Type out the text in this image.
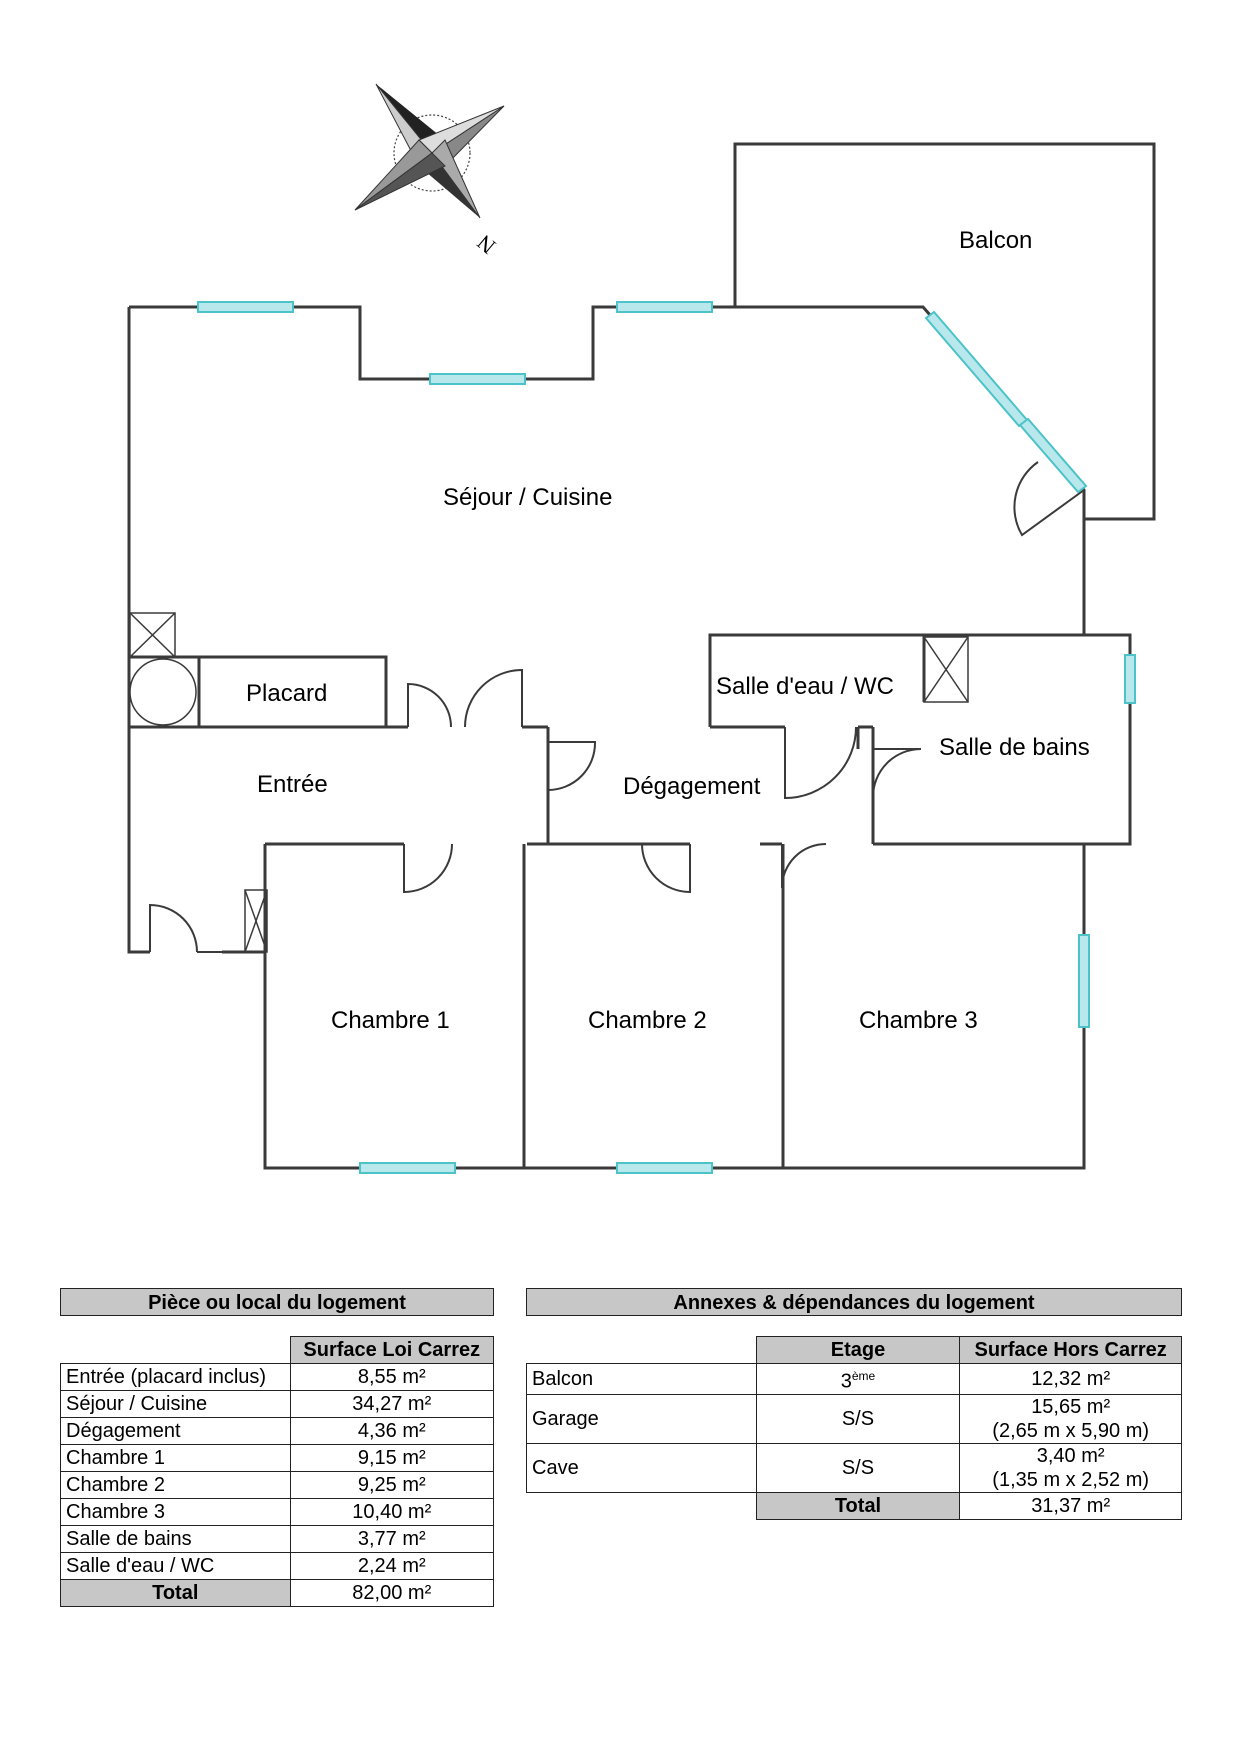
N	Balcon
Séjour / Cuisine
Placard	Salle d'eau / WC
Salle de bains
Entrée	Dégagement
Chambre 1	Chambre 2	Chambre 3
Pièce ou local du logement
	Surface Loi Carrez
Entrée (placard inclus)	8,55 m²
Séjour / Cuisine	34,27 m²
Dégagement	4,36 m²
Chambre 1	9,15 m²
Chambre 2	9,25 m²
Chambre 3	10,40 m²
Salle de bains	3,77 m²
Salle d'eau / WC	2,24 m²
Total	82,00 m²
Annexes & dépendances du logement
	Etage	Surface Hors Carrez
Balcon	3ème	12,32 m²
Garage	S/S	15,65 m²
(2,65 m x 5,90 m)

Cave	S/S	3,40 m²
(1,35 m x 2,52 m)

	Total	31,37 m²
